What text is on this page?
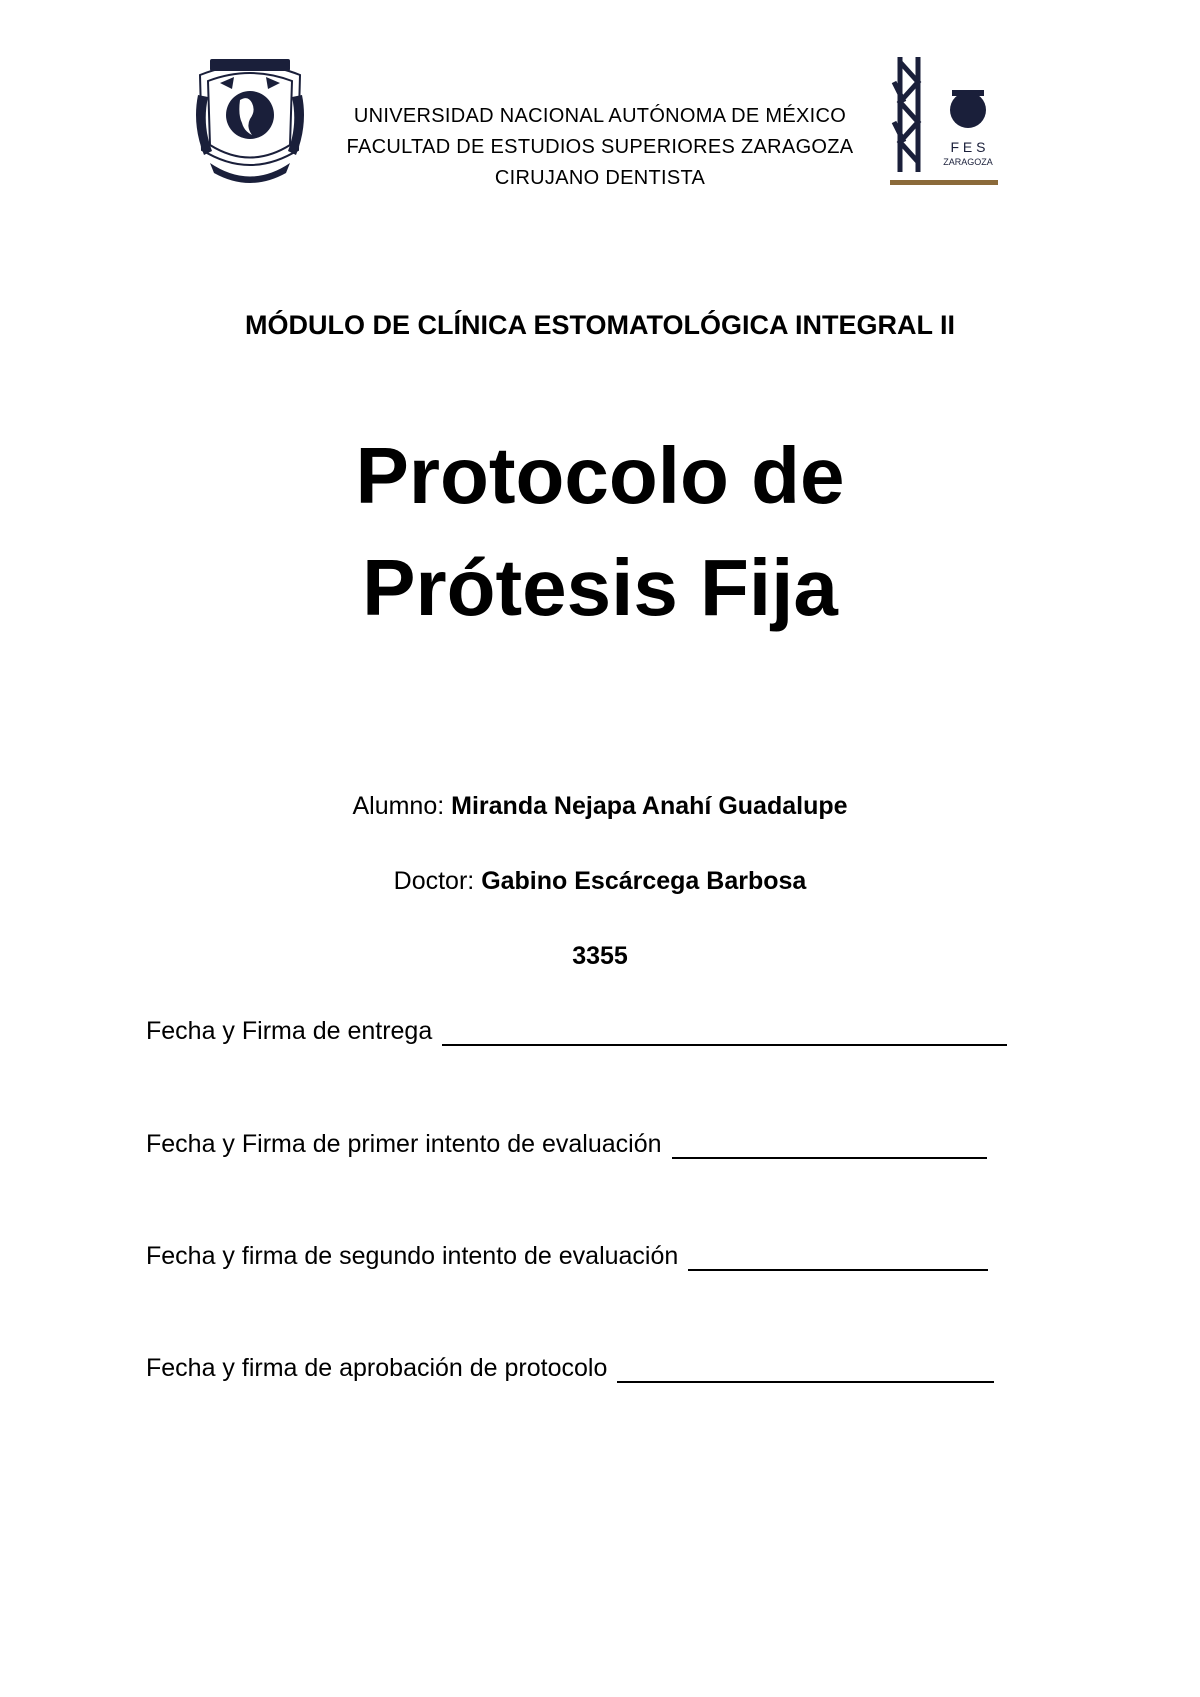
F E S
ZARAGOZA
UNIVERSIDAD NACIONAL AUTÓNOMA DE MÉXICO
FACULTAD DE ESTUDIOS SUPERIORES ZARAGOZA
CIRUJANO DENTISTA
MÓDULO DE CLÍNICA ESTOMATOLÓGICA INTEGRAL II
Protocolo de
Prótesis Fija
Alumno: Miranda Nejapa Anahí Guadalupe
Doctor: Gabino Escárcega Barbosa
3355
Fecha y Firma de entrega
Fecha y Firma de primer intento de evaluación
Fecha y firma de segundo intento de evaluación
Fecha y firma de aprobación de protocolo
